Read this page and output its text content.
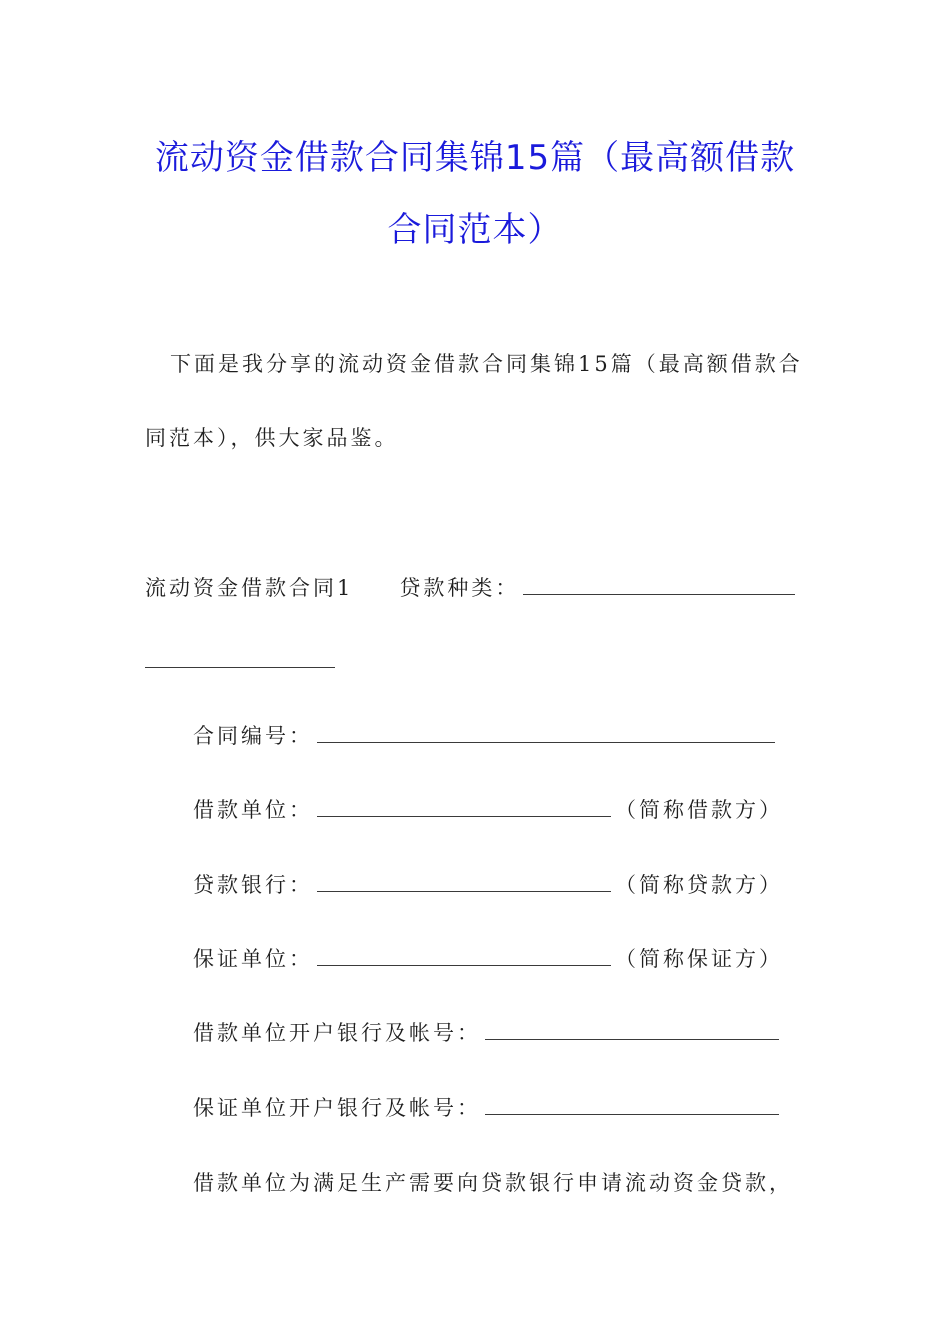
流动资金借款合同集锦15篇（最高额借款
合同范本）
下面是我分享的流动资金借款合同集锦15篇（最高额借款合
同范本），供大家品鉴。
流动资金借款合同1 贷款种类：
合同编号：
借款单位：	（简称借款方）
贷款银行：	（简称贷款方）
保证单位：	（简称保证方）
借款单位开户银行及帐号：
保证单位开户银行及帐号：
借款单位为满足生产需要向贷款银行申请流动资金贷款，
